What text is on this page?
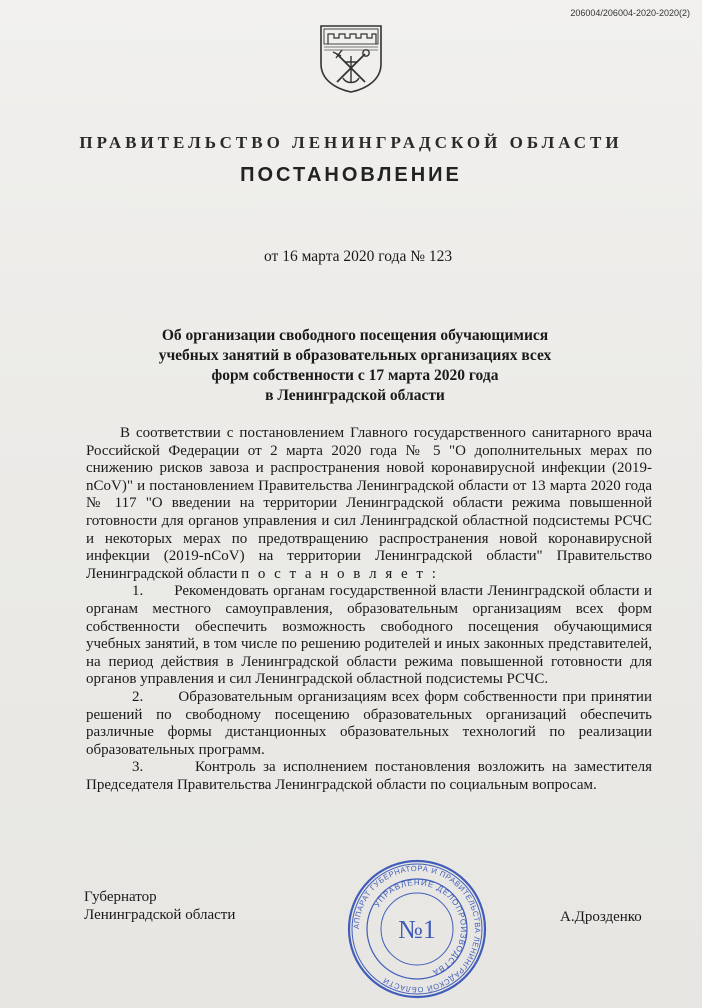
206004/206004-2020-2020(2)
ПРАВИТЕЛЬСТВО ЛЕНИНГРАДСКОЙ ОБЛАСТИ
ПОСТАНОВЛЕНИЕ
от 16 марта 2020 года № 123
Об организации свободного посещения обучающимися
учебных занятий в образовательных организациях всех
форм собственности с 17 марта 2020 года
в Ленинградской области

В соответствии с постановлением Главного государственного санитарного врача Российской Федерации от 2 марта 2020 года № 5 "О дополнительных мерах по снижению рисков завоза и распространения новой коронавирусной инфекции (2019-nCoV)" и постановлением Правительства Ленинградской области от 13 марта 2020 года № 117 "О введении на территории Ленинградской области режима повышенной готовности для органов управления и сил Ленинградской областной подсистемы РСЧС и некоторых мерах по предотвращению распространения новой коронавирусной инфекции (2019-nCoV) на территории Ленинградской области" Правительство Ленинградской области п о с т а н о в л я е т :

1.       Рекомендовать органам государственной власти Ленинградской области и органам местного самоуправления, образовательным организациям всех форм собственности обеспечить возможность свободного посещения обучающимися учебных занятий, в том числе по решению родителей и иных законных представителей, на период действия в Ленинградской области режима повышенной готовности для органов управления и сил Ленинградской областной подсистемы РСЧС.

2.       Образовательным организациям всех форм собственности при принятии решений по свободному посещению образовательных организаций обеспечить различные формы дистанционных образовательных технологий по реализации образовательных программ.

3.       Контроль за исполнением постановления возложить на заместителя Председателя Правительства Ленинградской области по социальным вопросам.

Губернатор
Ленинградской области	А.Дрозденко
АППАРАТ ГУБЕРНАТОРА И ПРАВИТЕЛЬСТВА ЛЕНИНГРАДСКОЙ ОБЛАСТИ
УПРАВЛЕНИЕ ДЕЛОПРОИЗВОДСТВА
№1
